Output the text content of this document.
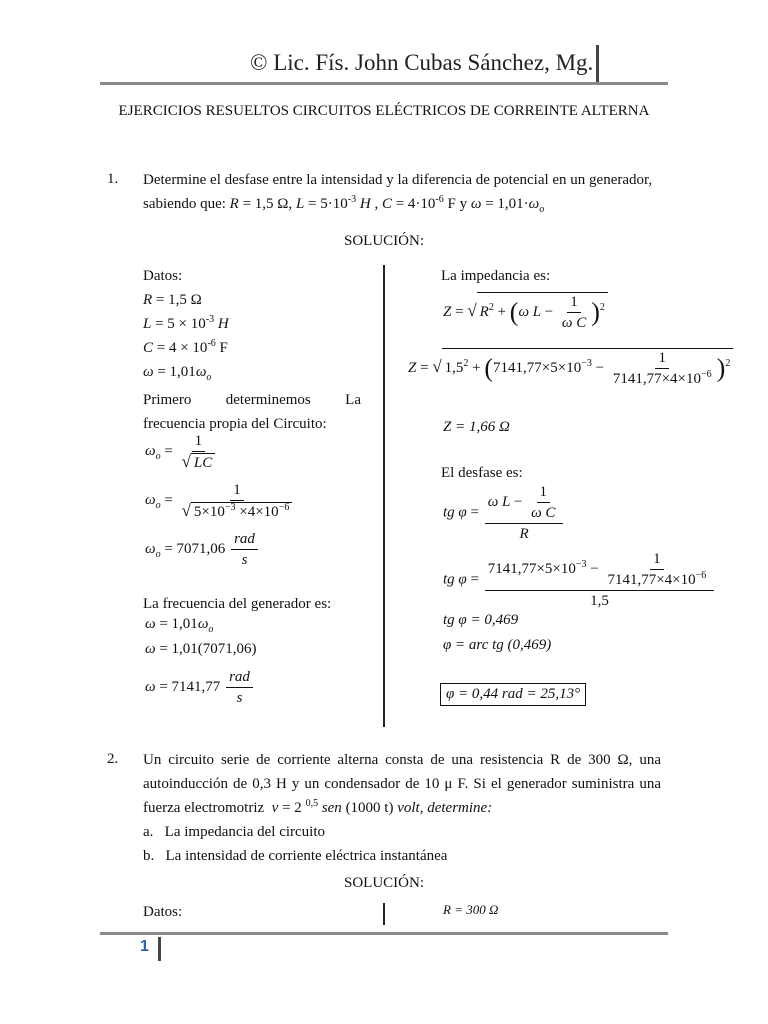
© Lic. Fís. John Cubas Sánchez, Mg.
EJERCICIOS RESUELTOS CIRCUITOS ELÉCTRICOS DE CORREINTE ALTERNA
1. Determine el desfase entre la intensidad y la diferencia de potencial en un generador,
sabiendo que: R = 1,5 Ω, $L = 5\cdot 10^{-3}$ H , $C = 4\cdot 10^{-6}$ F y $\omega = 1,01\cdot\omega_o$
SOLUCIÓN:
Datos:
R = 1,5 Ω
$L = 5 \times 10^{-3}$ H
$C = 4 \times 10^{-6}$ F
$\omega = 1,01\omega_o$
Primero determinemos La
frecuencia propia del Circuito:
$\omega_o = \frac{1}{√ LC}$
$\omega_o = \frac{1}{√ 5\times 10^{-3} \times 4\times 10^{-6}}$
$\omega_o = 7071,06 \frac{\text{rad}}{s}$
La frecuencia del generador es:
$\omega = 1,01\omega_o$
ω = 1,01(7071,06)
$\omega = 7141,77 \frac{\text{rad}}{s}$
La impedancia es:
Z = √ $R^2 + (\omega$ $L - \frac{1}{\text{ω C}} )^2$
Z = √ $1,5^2 + (7141,77\times 5\times 10^{-3} - \frac{1}{7141,77\times 4\times 10^{-6}} )^2$
Z = 1,66 Ω
El desfase es:
tg $\varphi = \frac{\omega L - \frac{1}{\text{ω C}}}{R}$
tg $\varphi = \frac{7141,77\times 5\times 10^{-3} - \frac{1}{7141,77\times 4\times 10^{-6}}}{1,5}$
tg φ = 0,469
φ = arc tg (0,469)
φ = 0,44 rad = 25,13°
2. Un circuito serie de corriente alterna consta de una resistencia R de 300 Ω, una
autoinducción de 0,3 H y un condensador de 10 μ F. Si el generador suministra una
fuerza electromotriz v = 2 $^{0,5}$ sen (1000 t) volt, determine:
a.   La impedancia del circuito
b.   La intensidad de corriente eléctrica instantánea
SOLUCIÓN:
Datos:	R = 300 Ω
1
